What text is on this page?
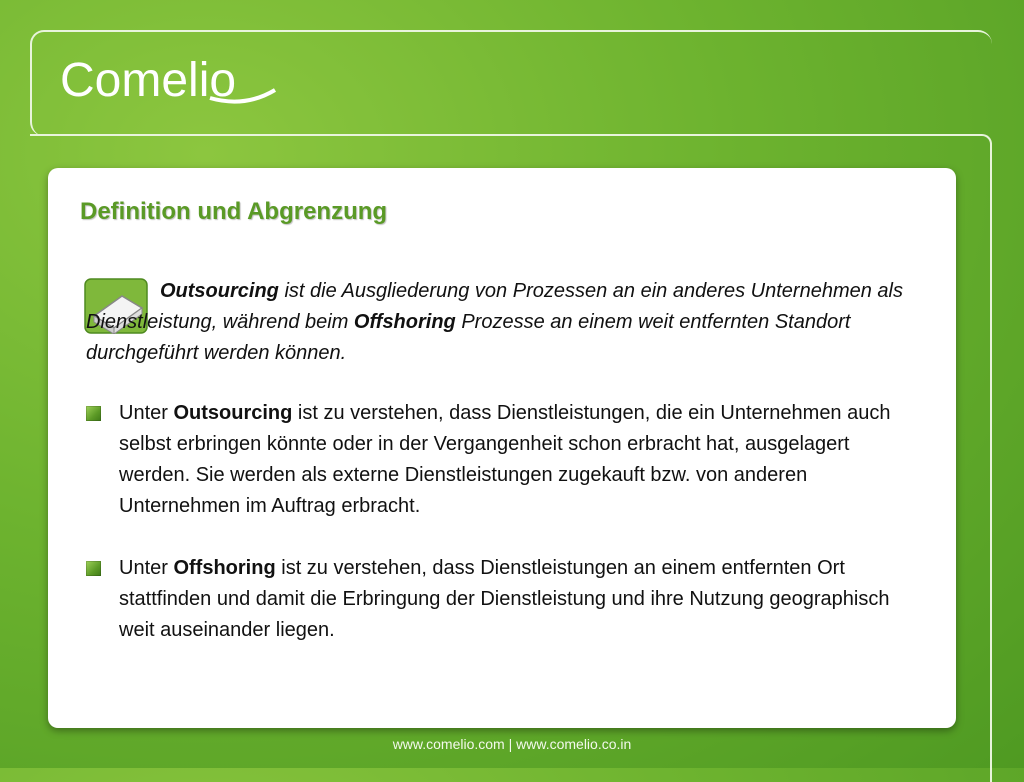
Comelio
Definition und Abgrenzung
Outsourcing ist die Ausgliederung von Prozessen an ein anderes Unternehmen als Dienstleistung, während beim Offshoring Prozesse an einem weit entfernten Standort durchgeführt werden können.
Unter Outsourcing ist zu verstehen, dass Dienstleistungen, die ein Unternehmen auch selbst erbringen könnte oder in der Vergangenheit schon erbracht hat, ausgelagert werden. Sie werden als externe Dienstleistungen zugekauft bzw. von anderen Unternehmen im Auftrag erbracht.
Unter Offshoring ist zu verstehen, dass Dienstleistungen an einem entfernten Ort stattfinden und damit die Erbringung der Dienstleistung und ihre Nutzung geographisch weit auseinander liegen.
www.comelio.com | www.comelio.co.in
